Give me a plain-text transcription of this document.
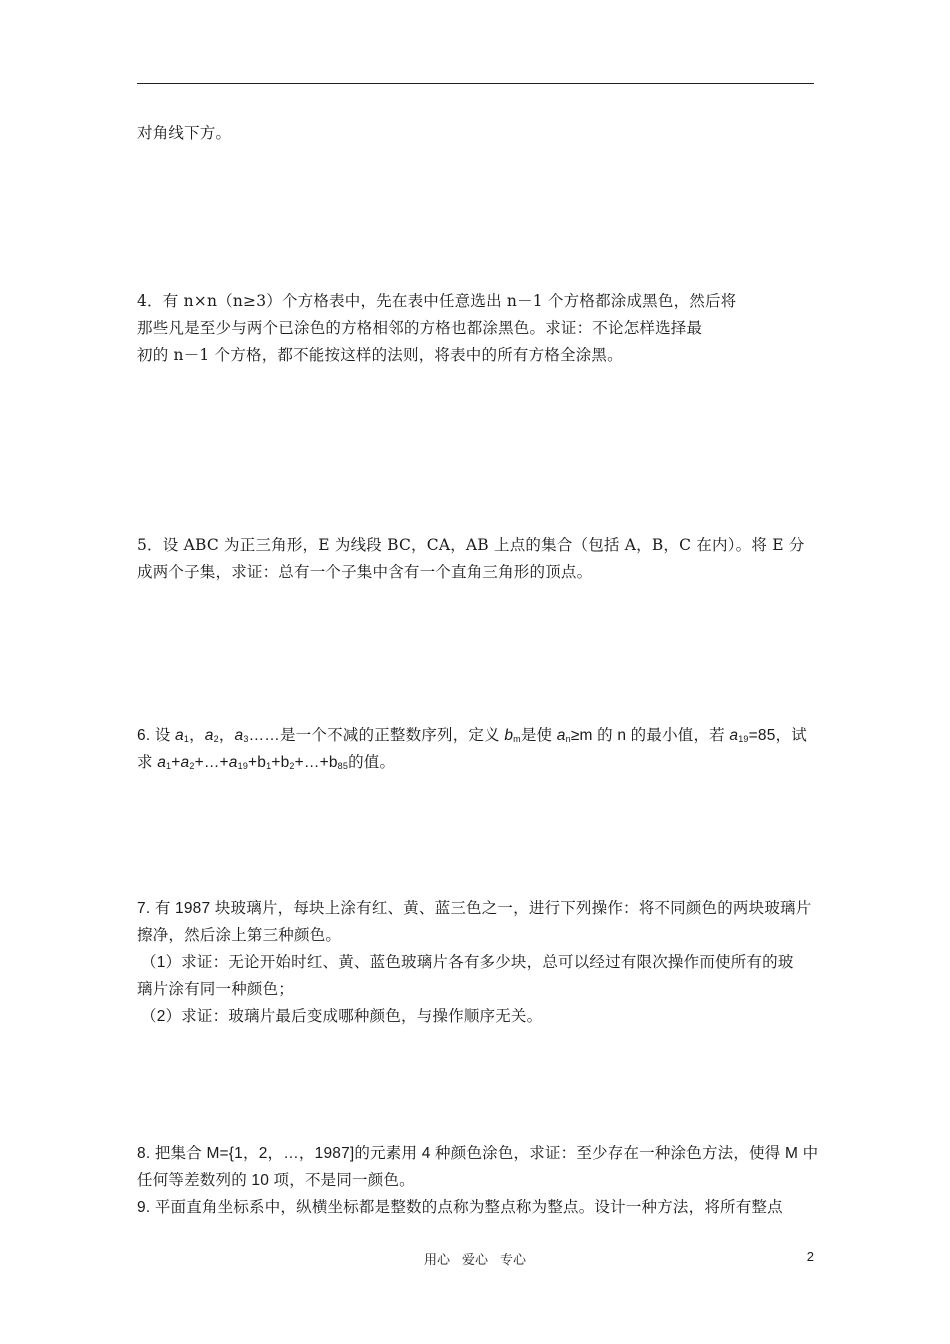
对角线下方。
4．有 n×n（n≥3）个方格表中，先在表中任意选出 n－1 个方格都涂成黑色，然后将
那些凡是至少与两个已涂色的方格相邻的方格也都涂黑色。求证：不论怎样选择最
初的 n－1 个方格，都不能按这样的法则，将表中的所有方格全涂黑。
5．设 ABC 为正三角形，E 为线段 BC，CA，AB 上点的集合（包括 A，B，C 在内）。将 E 分
成两个子集，求证：总有一个子集中含有一个直角三角形的顶点。
6. 设 $a_1$，$a_2$，$a_3\dots\dots$是一个不减的正整数序列，定义 $b_m$是使 $a_n\ge m$ 的 n 的最小值，若 $a_{19}=85$，试
求 $a_1+a_2+\dots+a_{19}+b_1+b_2+\dots+b_{85}$的值。
7. 有 1987 块玻璃片，每块上涂有红、黄、蓝三色之一，进行下列操作：将不同颜色的两块玻璃片
擦净，然后涂上第三种颜色。
（1）求证：无论开始时红、黄、蓝色玻璃片各有多少块，总可以经过有限次操作而使所有的玻
璃片涂有同一种颜色；
（2）求证：玻璃片最后变成哪种颜色，与操作顺序无关。
8. 把集合 M={1，2，…，1987]的元素用 4 种颜色涂色，求证：至少存在一种涂色方法，使得 M 中
任何等差数列的 10 项，不是同一颜色。
9. 平面直角坐标系中，纵横坐标都是整数的点称为整点称为整点。设计一种方法，将所有整点
用心 爱心 专心	2
